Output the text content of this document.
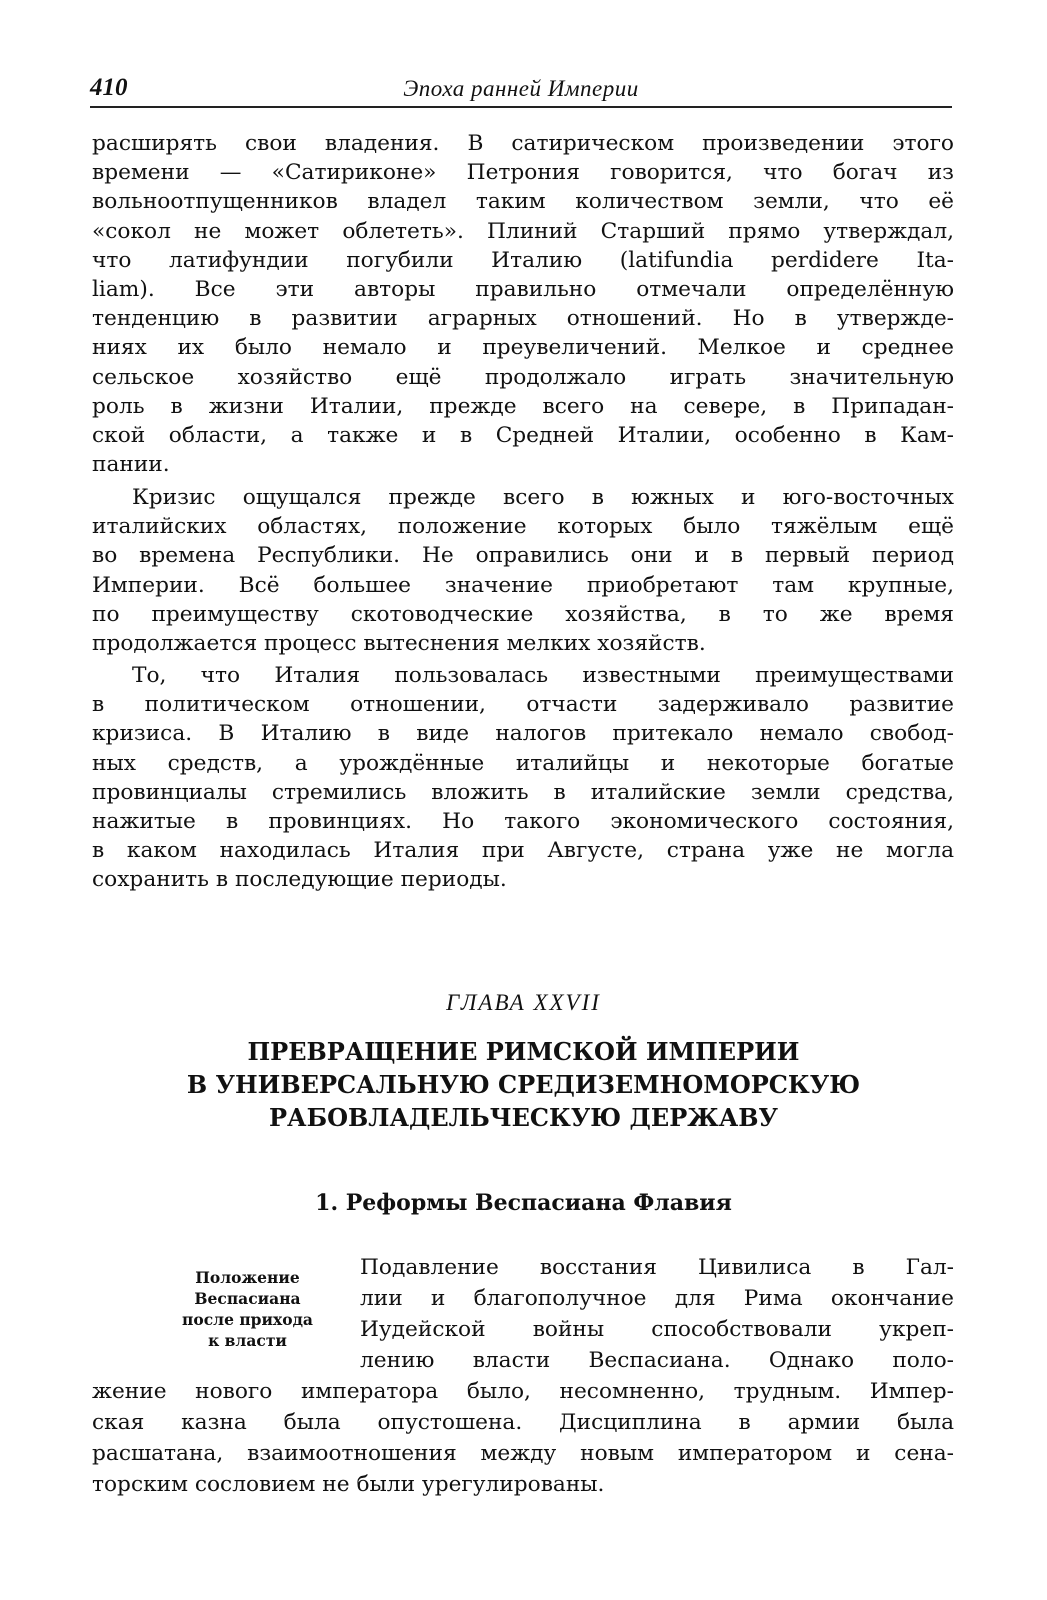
410	Эпоха ранней Империи
расширять свои владения. В сатирическом произведении этого
времени — «Сатириконе» Петрония говорится, что богач из
вольноотпущенников владел таким количеством земли, что её
«сокол не может облететь». Плиний Старший прямо утверждал,
что латифундии погубили Италию (latifundia perdidere Ita-
liam). Все эти авторы правильно отмечали определённую
тенденцию в развитии аграрных отношений. Но в утвержде-
ниях их было немало и преувеличений. Мелкое и среднее
сельское хозяйство ещё продолжало играть значительную
роль в жизни Италии, прежде всего на севере, в Припадан-
ской области, а также и в Средней Италии, особенно в Кам-
пании.
Кризис ощущался прежде всего в южных и юго-восточных
италийских областях, положение которых было тяжёлым ещё
во времена Республики. Не оправились они и в первый период
Империи. Всё большее значение приобретают там крупные,
по преимуществу скотоводческие хозяйства, в то же время
продолжается процесс вытеснения мелких хозяйств.
То, что Италия пользовалась известными преимуществами
в политическом отношении, отчасти задерживало развитие
кризиса. В Италию в виде налогов притекало немало свобод-
ных средств, а урождённые италийцы и некоторые богатые
провинциалы стремились вложить в италийские земли средства,
нажитые в провинциях. Но такого экономического состояния,
в каком находилась Италия при Августе, страна уже не могла
сохранить в последующие периоды.
ГЛАВА XXVII
ПРЕВРАЩЕНИЕ РИМСКОЙ ИМПЕРИИ
В УНИВЕРСАЛЬНУЮ СРЕДИЗЕМНОМОРСКУЮ
РАБОВЛАДЕЛЬЧЕСКУЮ ДЕРЖАВУ
1. Реформы Веспасиана Флавия
Положение
Веспасиана
после прихода
к власти
Подавление восстания Цивилиса в Гал-
лии и благополучное для Рима окончание
Иудейской войны способствовали укреп-
лению власти Веспасиана. Однако поло-
жение нового императора было, несомненно, трудным. Импер-
ская казна была опустошена. Дисциплина в армии была
расшатана, взаимоотношения между новым императором и сена-
торским сословием не были урегулированы.
